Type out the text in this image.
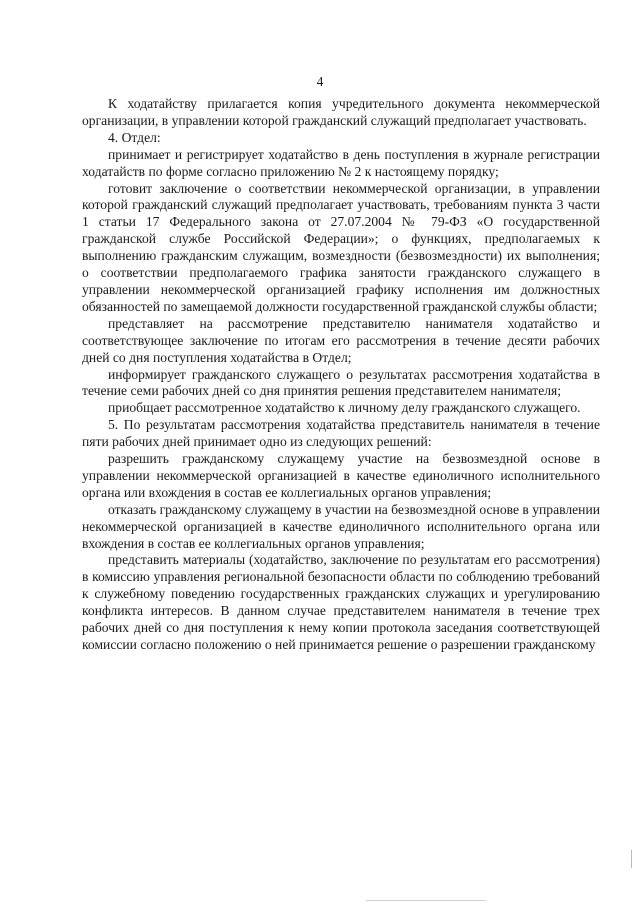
4

К ходатайству прилагается копия учредительного документа некоммерческой организации, в управлении которой гражданский служащий предполагает участвовать.

4. Отдел:

принимает и регистрирует ходатайство в день поступления в журнале регистрации ходатайств по форме согласно приложению № 2 к настоящему порядку;

готовит заключение о соответствии некоммерческой организации, в управлении которой гражданский служащий предполагает участвовать, требованиям пункта 3 части 1 статьи 17 Федерального закона от 27.07.2004 № 79-ФЗ «О государственной гражданской службе Российской Федерации»; о функциях, предполагаемых к выполнению гражданским служащим, возмездности (безвозмездности) их выполнения; о соответствии предполагаемого графика занятости гражданского служащего в управлении некоммерческой организацией графику исполнения им должностных обязанностей по замещаемой должности государственной гражданской службы области;

представляет на рассмотрение представителю нанимателя ходатайство и соответствующее заключение по итогам его рассмотрения в течение десяти рабочих дней со дня поступления ходатайства в Отдел;

информирует гражданского служащего о результатах рассмотрения ходатайства в течение семи рабочих дней со дня принятия решения представителем нанимателя;

приобщает рассмотренное ходатайство к личному делу гражданского служащего.

5. По результатам рассмотрения ходатайства представитель нанимателя в течение пяти рабочих дней принимает одно из следующих решений:

разрешить гражданскому служащему участие на безвозмездной основе в управлении некоммерческой организацией в качестве единоличного исполнительного органа или вхождения в состав ее коллегиальных органов управления;

отказать гражданскому служащему в участии на безвозмездной основе в управлении некоммерческой организацией в качестве единоличного исполнительного органа или вхождения в состав ее коллегиальных органов управления;

представить материалы (ходатайство, заключение по результатам его рассмотрения) в комиссию управления региональной безопасности области по соблюдению требований к служебному поведению государственных гражданских служащих и урегулированию конфликта интересов. В данном случае представителем нанимателя в течение трех рабочих дней со дня поступления к нему копии протокола заседания соответствующей комиссии согласно положению о ней принимается решение о разрешении гражданскому
